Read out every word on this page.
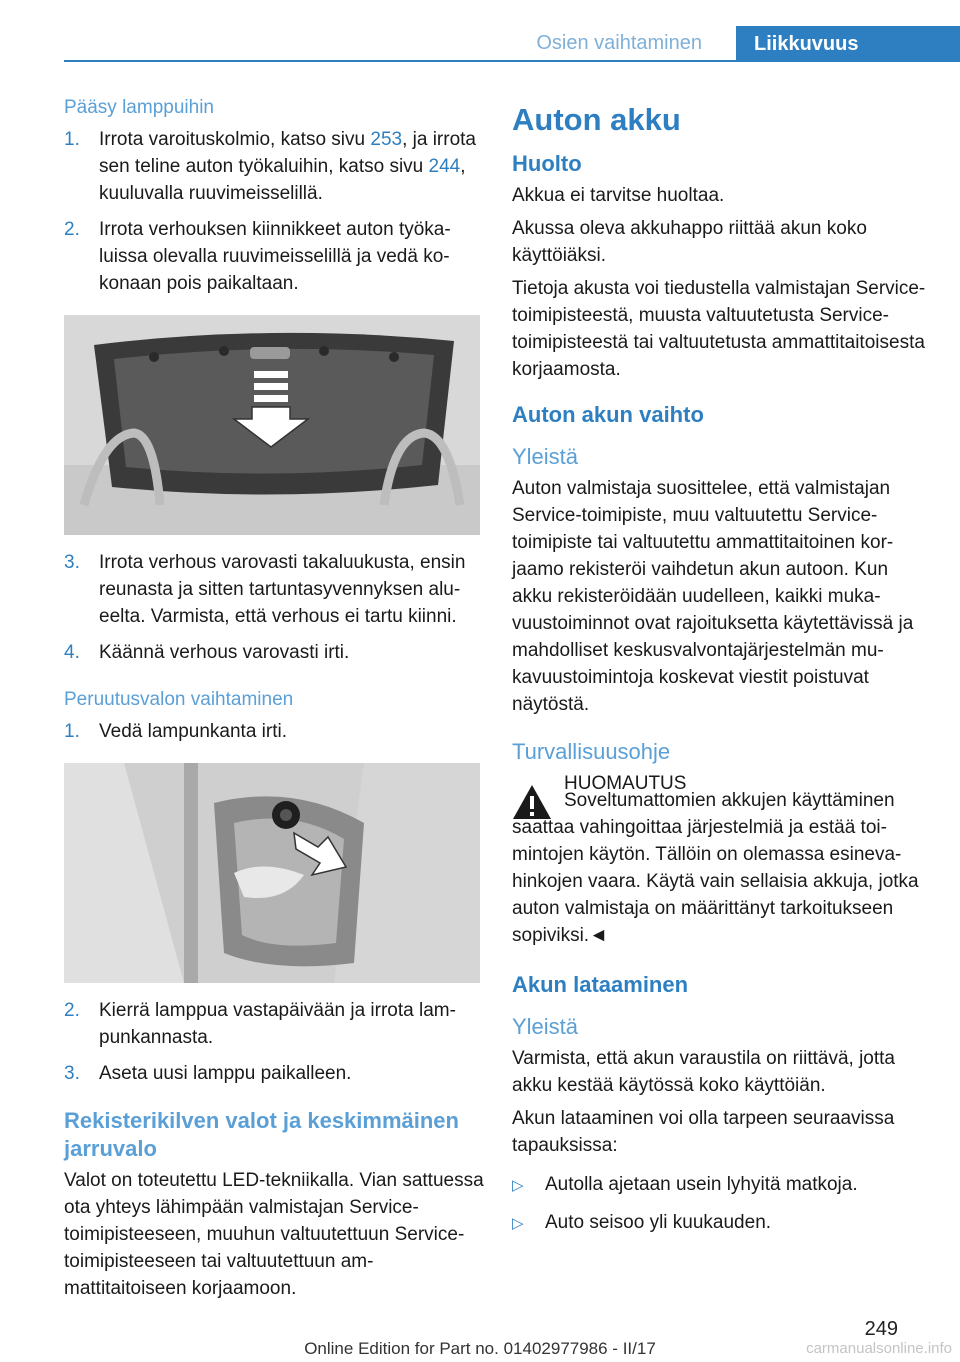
Osien vaihtaminen	Liikkuvuus
Pääsy lamppuihin
1.	Irrota varoituskolmio, katso sivu 253, ja irrota sen teline auton työkaluihin, katso sivu 244, kuuluvalla ruuvimeisselillä.
2.	Irrota verhouksen kiinnikkeet auton työkaluissa olevalla ruuvimeisselillä ja vedä kokonaan pois paikaltaan.
3.	Irrota verhous varovasti takaluukusta, ensin reunasta ja sitten tartuntasyvennyksen alueelta. Varmista, että verhous ei tartu kiinni.
4.	Käännä verhous varovasti irti.
Peruutusvalon vaihtaminen
1.	Vedä lampunkanta irti.
2.	Kierrä lamppua vastapäivään ja irrota lampunkannasta.
3.	Aseta uusi lamppu paikalleen.
Rekisterikilven valot ja keskimmäinen jarruvalo
Valot on toteutettu LED-tekniikalla. Vian sattuessa ota yhteys lähimpään valmistajan Service-toimipisteeseen, muuhun valtuutettuun Service-toimipisteeseen tai valtuutettuun ammattitaitoiseen korjaamoon.
Auton akku
Huolto
Akkua ei tarvitse huoltaa.
Akussa oleva akkuhappo riittää akun koko käyttöiäksi.
Tietoja akusta voi tiedustella valmistajan Service-toimipisteestä, muusta valtuutetusta Service-toimipisteestä tai valtuutetusta ammattitaitoisesta korjaamosta.
Auton akun vaihto
Yleistä
Auton valmistaja suosittelee, että valmistajan Service-toimipiste, muu valtuutettu Service-toimipiste tai valtuutettu ammattitaitoinen korjaamo rekisteröi vaihdetun akun autoon. Kun akku rekisteröidään uudelleen, kaikki mukavuustoiminnot ovat rajoituksetta käytettävissä ja mahdolliset keskusvalvontajärjestelmän mukavuustoimintoja koskevat viestit poistuvat näytöstä.
Turvallisuusohje
HUOMAUTUS
Soveltumattomien akkujen käyttäminen saattaa vahingoittaa järjestelmiä ja estää toimintojen käytön. Tällöin on olemassa esinevahinkojen vaara. Käytä vain sellaisia akkuja, jotka auton valmistaja on määrittänyt tarkoitukseen sopiviksi.◄
Akun lataaminen
Yleistä
Varmista, että akun varaustila on riittävä, jotta akku kestää käytössä koko käyttöiän.
Akun lataaminen voi olla tarpeen seuraavissa tapauksissa:
▷	Autolla ajetaan usein lyhyitä matkoja.
▷	Auto seisoo yli kuukauden.
249
Online Edition for Part no. 01402977986 - II/17	carmanualsonline.info
